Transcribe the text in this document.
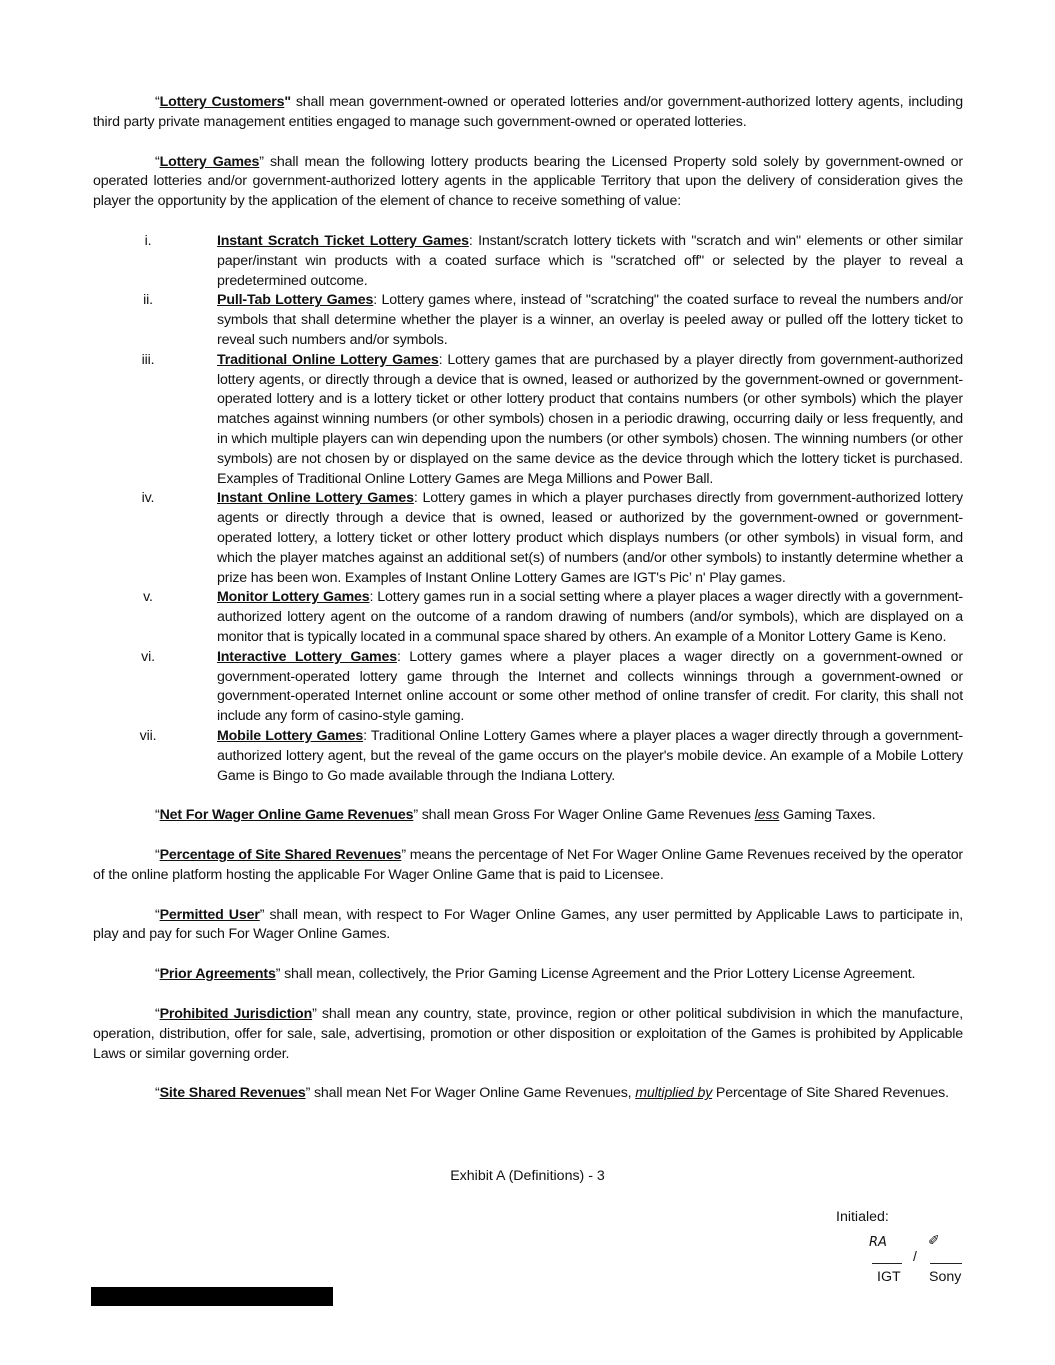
“Lottery Customers" shall mean government-owned or operated lotteries and/or government-authorized lottery agents, including third party private management entities engaged to manage such government-owned or operated lotteries.

“Lottery Games” shall mean the following lottery products bearing the Licensed Property sold solely by government-owned or operated lotteries and/or government-authorized lottery agents in the applicable Territory that upon the delivery of consideration gives the player the opportunity by the application of the element of chance to receive something of value:

i.	Instant Scratch Ticket Lottery Games: Instant/scratch lottery tickets with "scratch and win" elements or other similar paper/instant win products with a coated surface which is "scratched off" or selected by the player to reveal a predetermined outcome.
ii.	Pull-Tab Lottery Games: Lottery games where, instead of "scratching" the coated surface to reveal the numbers and/or symbols that shall determine whether the player is a winner, an overlay is peeled away or pulled off the lottery ticket to reveal such numbers and/or symbols.
iii.	Traditional Online Lottery Games: Lottery games that are purchased by a player directly from government-authorized lottery agents, or directly through a device that is owned, leased or authorized by the government-owned or government-operated lottery and is a lottery ticket or other lottery product that contains numbers (or other symbols) which the player matches against winning numbers (or other symbols) chosen in a periodic drawing, occurring daily or less frequently, and in which multiple players can win depending upon the numbers (or other symbols) chosen. The winning numbers (or other symbols) are not chosen by or displayed on the same device as the device through which the lottery ticket is purchased. Examples of Traditional Online Lottery Games are Mega Millions and Power Ball.
iv.	Instant Online Lottery Games: Lottery games in which a player purchases directly from government-authorized lottery agents or directly through a device that is owned, leased or authorized by the government-owned or government-operated lottery, a lottery ticket or other lottery product which displays numbers (or other symbols) in visual form, and which the player matches against an additional set(s) of numbers (and/or other symbols) to instantly determine whether a prize has been won. Examples of Instant Online Lottery Games are IGT's Pic’ n' Play games.
v.	Monitor Lottery Games: Lottery games run in a social setting where a player places a wager directly with a government-authorized lottery agent on the outcome of a random drawing of numbers (and/or symbols), which are displayed on a monitor that is typically located in a communal space shared by others. An example of a Monitor Lottery Game is Keno.
vi.	Interactive Lottery Games: Lottery games where a player places a wager directly on a government-owned or government-operated lottery game through the Internet and collects winnings through a government-owned or government-operated Internet online account or some other method of online transfer of credit. For clarity, this shall not include any form of casino-style gaming.
vii.	Mobile Lottery Games: Traditional Online Lottery Games where a player places a wager directly through a government-authorized lottery agent, but the reveal of the game occurs on the player's mobile device. An example of a Mobile Lottery Game is Bingo to Go made available through the Indiana Lottery.

“Net For Wager Online Game Revenues” shall mean Gross For Wager Online Game Revenues less Gaming Taxes.

“Percentage of Site Shared Revenues” means the percentage of Net For Wager Online Game Revenues received by the operator of the online platform hosting the applicable For Wager Online Game that is paid to Licensee.

“Permitted User” shall mean, with respect to For Wager Online Games, any user permitted by Applicable Laws to participate in, play and pay for such For Wager Online Games.

“Prior Agreements” shall mean, collectively, the Prior Gaming License Agreement and the Prior Lottery License Agreement.

“Prohibited Jurisdiction” shall mean any country, state, province, region or other political subdivision in which the manufacture, operation, distribution, offer for sale, sale, advertising, promotion or other disposition or exploitation of the Games is prohibited by Applicable Laws or similar governing order.

“Site Shared Revenues” shall mean Net For Wager Online Game Revenues, multiplied by Percentage of Site Shared Revenues.

Exhibit A (Definitions) - 3
Initialed:
RA	✐
/
IGT Sony
